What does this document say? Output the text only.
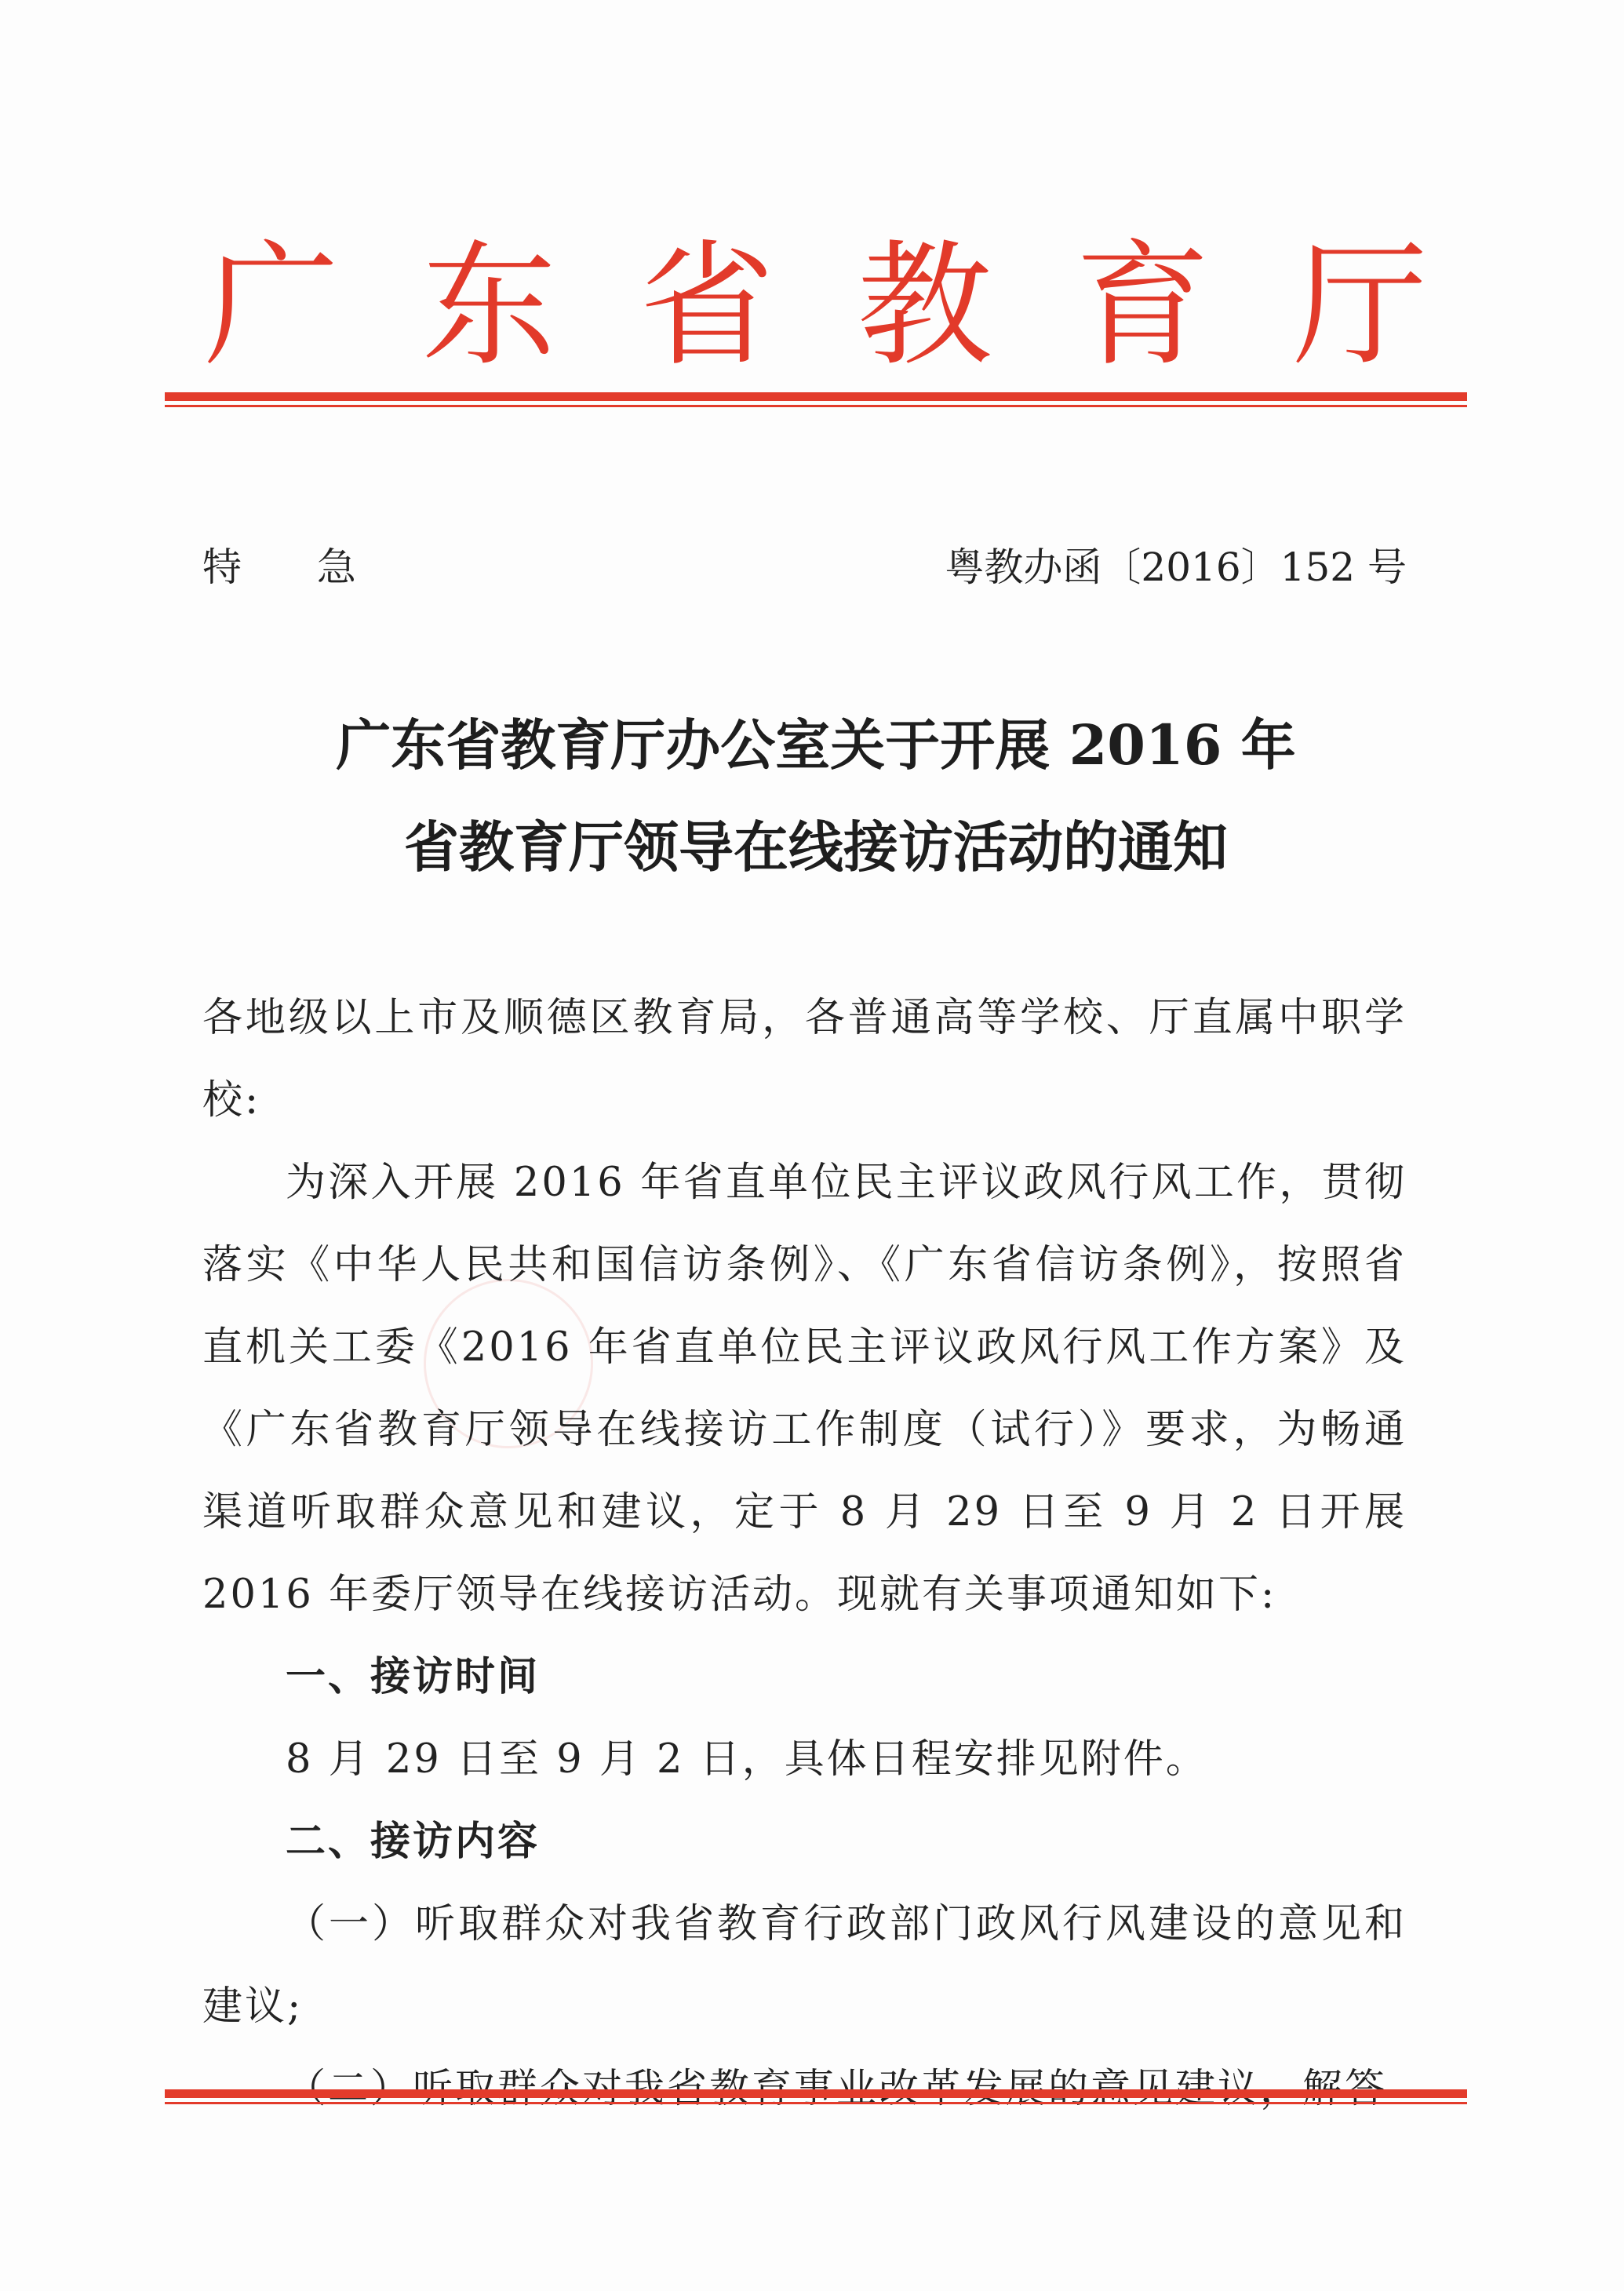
广 东 省 教 育 厅
特 急	粤教办函〔2016〕152 号
广东省教育厅办公室关于开展 2016 年
省教育厅领导在线接访活动的通知

各地级以上市及顺德区教育局，各普通高等学校、厅直属中职学校:

为深入开展 2016 年省直单位民主评议政风行风工作，贯彻落实《中华人民共和国信访条例》、《广东省信访条例》，按照省直机关工委《2016 年省直单位民主评议政风行风工作方案》及《广东省教育厅领导在线接访工作制度（试行）》要求，为畅通渠道听取群众意见和建议，定于 8 月 29 日至 9 月 2 日开展 2016 年委厅领导在线接访活动。现就有关事项通知如下:

一、接访时间

8 月 29 日至 9 月 2 日，具体日程安排见附件。

二、接访内容

（一）听取群众对我省教育行政部门政风行风建设的意见和建议;
